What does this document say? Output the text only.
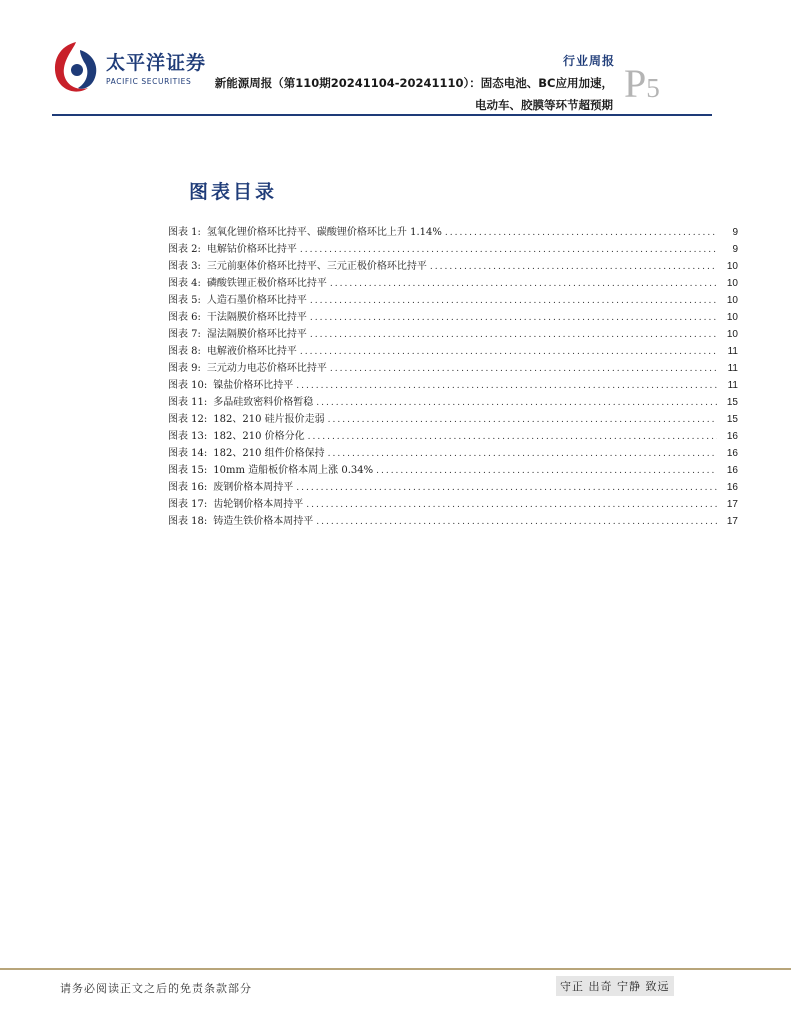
太平洋证券
PACIFIC SECURITIES
行业周报
新能源周报（第110期20241104-20241110）：固态电池、BC应用加速，电动车、胶膜等环节超预期 P5
图表目录
图表 1: 氢氧化锂价格环比持平、碳酸锂价格环比上升 1.14% .....	9
图表 2: 电解钴价格环比持平 .....	9
图表 3: 三元前驱体价格环比持平、三元正极价格环比持平 .....	10
图表 4: 磷酸铁锂正极价格环比持平 .....	10
图表 5: 人造石墨价格环比持平 .....	10
图表 6: 干法隔膜价格环比持平 .....	10
图表 7: 湿法隔膜价格环比持平 .....	10
图表 8: 电解液价格环比持平 .....	11
图表 9: 三元动力电芯价格环比持平 .....	11
图表 10: 镍盐价格环比持平 .....	11
图表 11: 多晶硅致密料价格暂稳 .....	15
图表 12: 182、210 硅片报价走弱 .....	15
图表 13: 182、210 价格分化 .....	16
图表 14: 182、210 组件价格保持 .....	16
图表 15: 10mm 造船板价格本周上涨 0.34% .....	16
图表 16: 废钢价格本周持平 .....	16
图表 17: 齿轮钢价格本周持平 .....	17
图表 18: 铸造生铁价格本周持平 .....	17
请务必阅读正文之后的免责条款部分	守正 出奇 宁静 致远
